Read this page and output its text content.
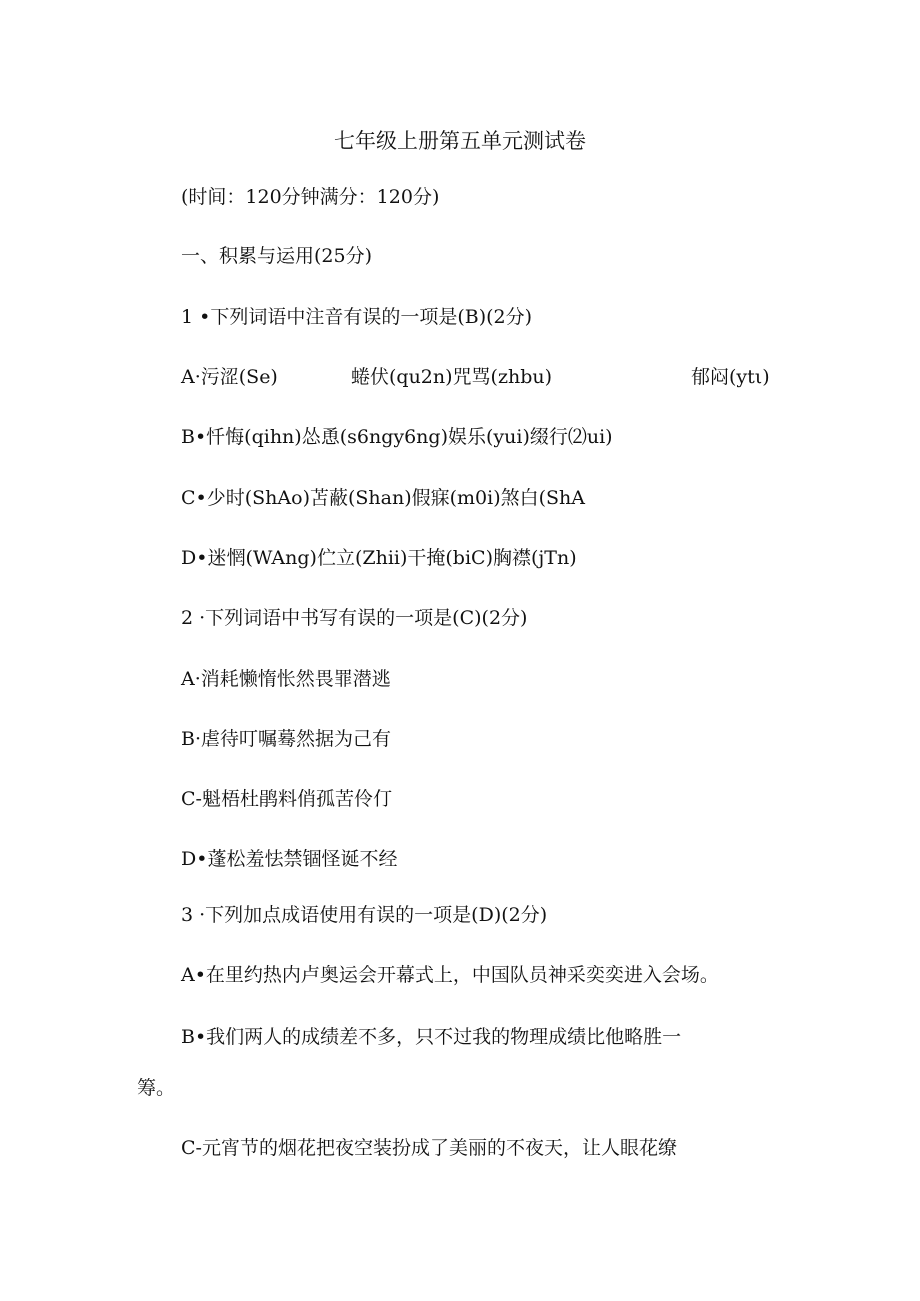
七年级上册第五单元测试卷
(时间：120分钟满分：120分)
一、积累与运用(25分)
1 •下列词语中注音有误的一项是(B)(2分)
A·污涩(Se)	蜷伏(qu2n)咒骂(zhbu)	郁闷(ytι)
B•忏悔(qihn)怂恿(s6ngy6ng)娱乐(yui)缀行⑵ui)
C•少时(ShAo)苫蔽(Shan)假寐(m0i)煞白(ShA
D•迷惘(WAng)伫立(Zhii)干掩(biC)胸襟(jTn)
2 ·下列词语中书写有误的一项是(C)(2分)
A·消耗懒惰怅然畏罪潜逃
B·虐待叮嘱蓦然据为己有
C-魁梧杜鹃料俏孤苦伶仃
D•蓬松羞怯禁锢怪诞不经
3 ·下列加点成语使用有误的一项是(D)(2分)
A•在里约热内卢奥运会开幕式上，中国队员神采奕奕进入会场。
B•我们两人的成绩差不多，只不过我的物理成绩比他略胜一
筹。
C-元宵节的烟花把夜空装扮成了美丽的不夜天，让人眼花缭
